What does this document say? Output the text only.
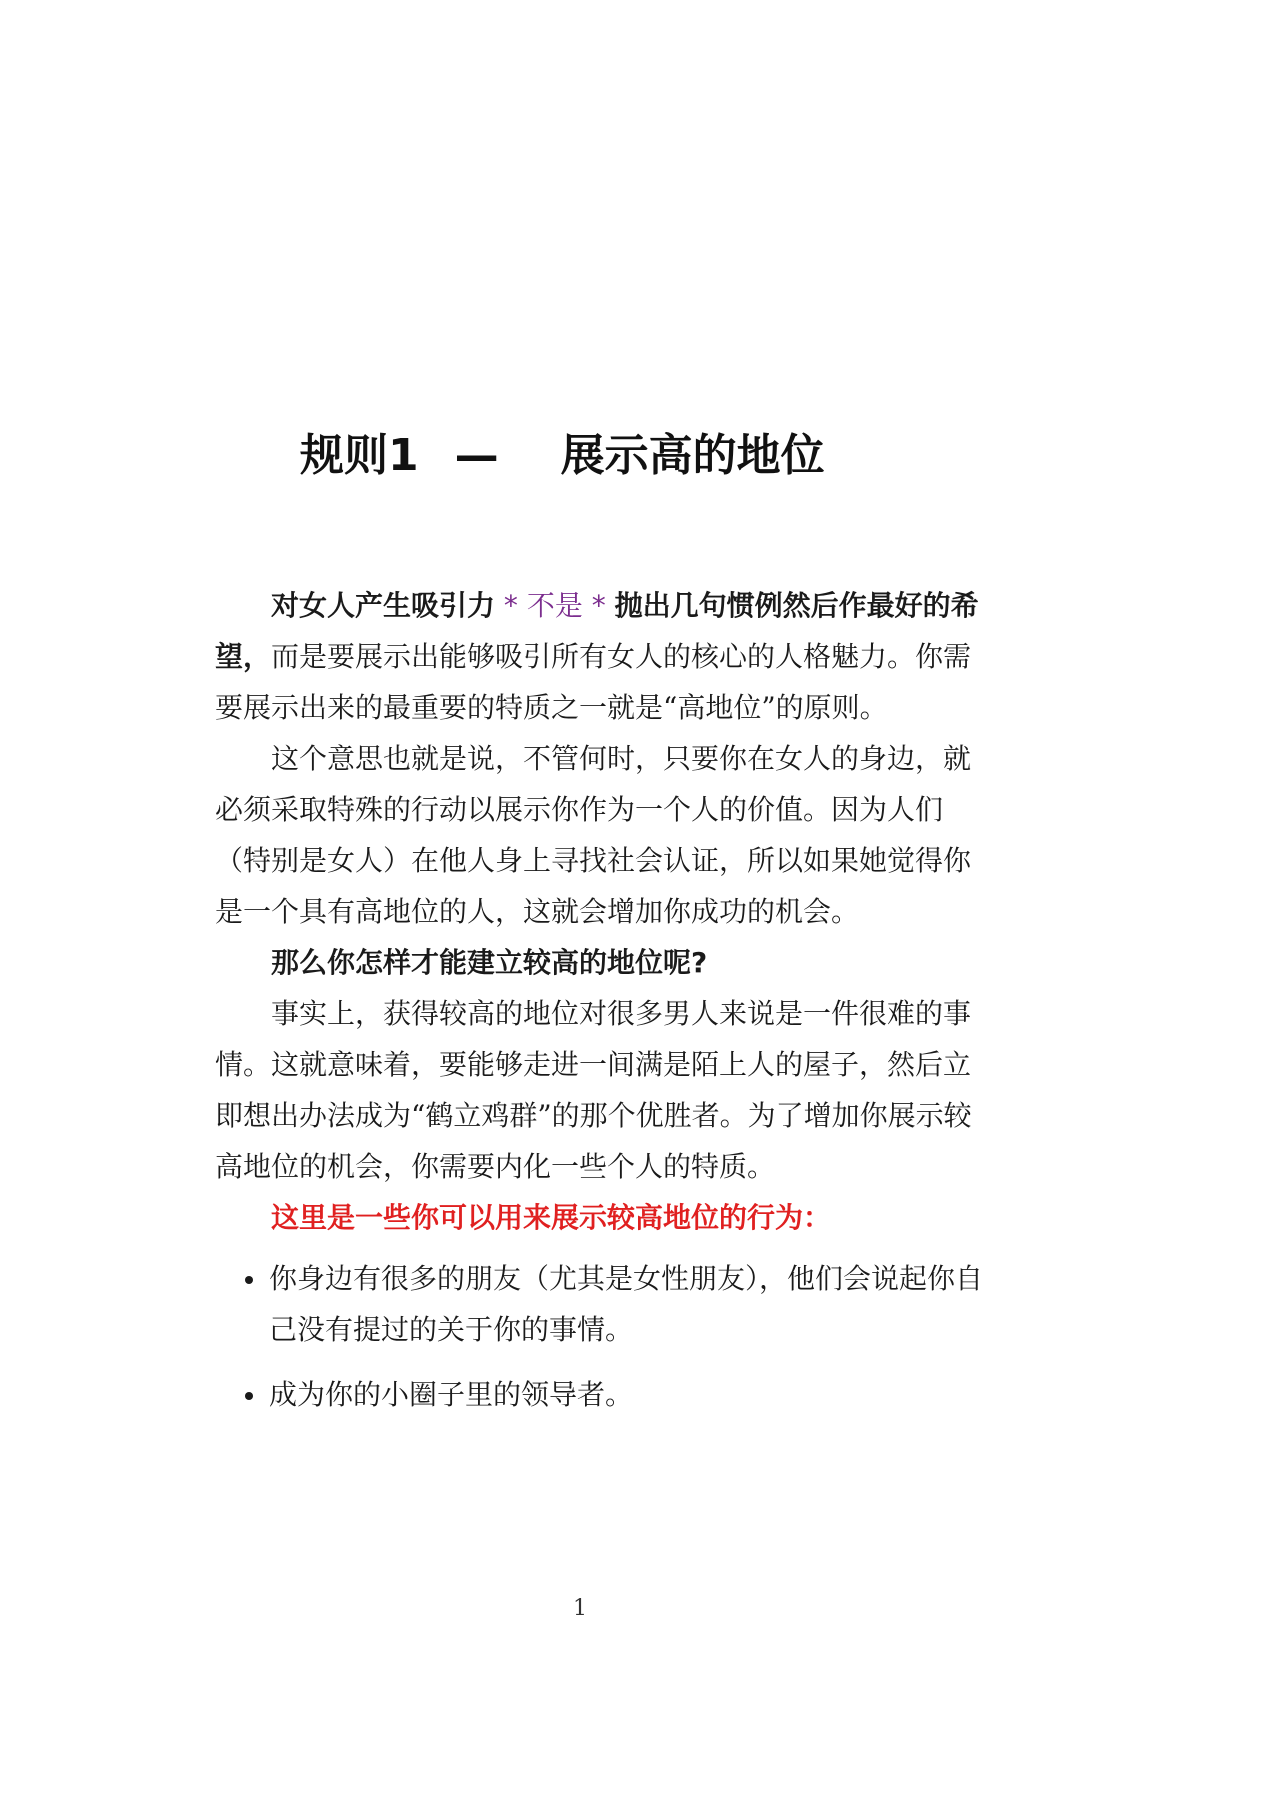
规则1 — 展示高的地位

对女人产生吸引力 * 不是 * 抛出几句惯例然后作最好的希望，而是要展示出能够吸引所有女人的核心的人格魅力。你需要展示出来的最重要的特质之一就是“高地位”的原则。

这个意思也就是说，不管何时，只要你在女人的身边，就必须采取特殊的行动以展示你作为一个人的价值。因为人们（特别是女人）在他人身上寻找社会认证，所以如果她觉得你是一个具有高地位的人，这就会增加你成功的机会。

那么你怎样才能建立较高的地位呢?

事实上，获得较高的地位对很多男人来说是一件很难的事情。这就意味着，要能够走进一间满是陌上人的屋子，然后立即想出办法成为“鹤立鸡群”的那个优胜者。为了增加你展示较高地位的机会，你需要内化一些个人的特质。

这里是一些你可以用来展示较高地位的行为：

你身边有很多的朋友（尤其是女性朋友），他们会说起你自己没有提过的关于你的事情。
成为你的小圈子里的领导者。
1
